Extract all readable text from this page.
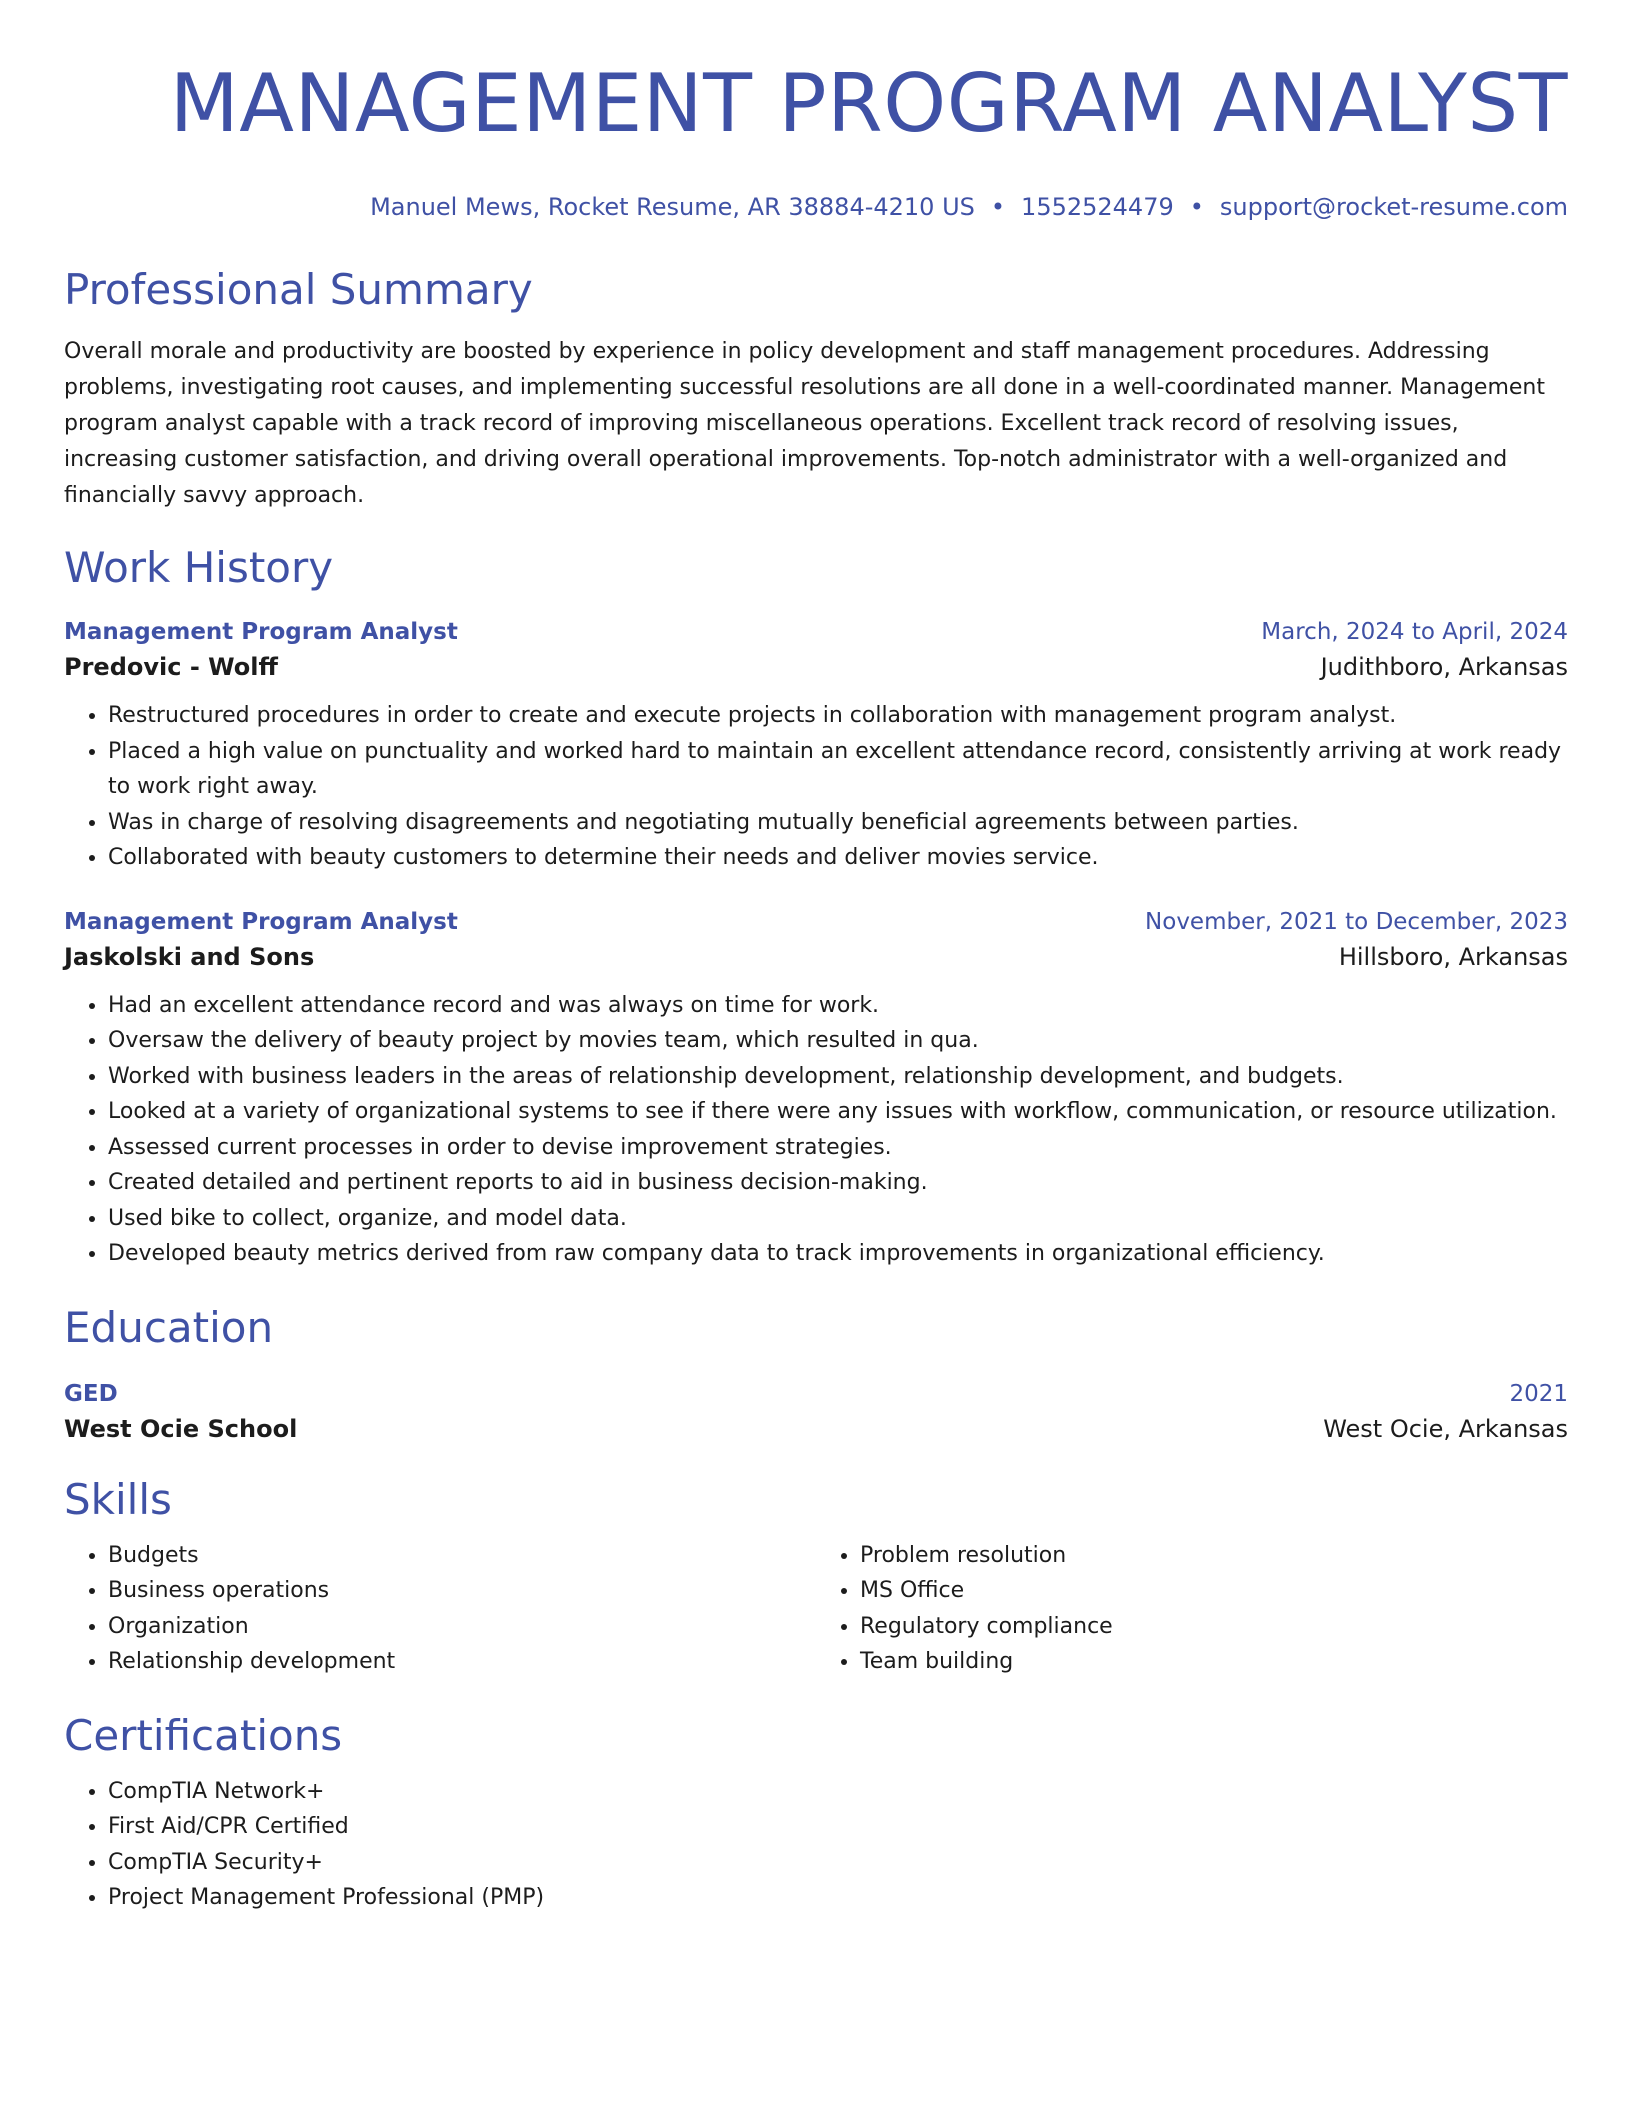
MANAGEMENT PROGRAM ANALYST
Manuel Mews, Rocket Resume, AR 38884-4210 US • 1552524479 • support@rocket-resume.com
Professional Summary
Overall morale and productivity are boosted by experience in policy development and staff management procedures. Addressing problems, investigating root causes, and implementing successful resolutions are all done in a well-coordinated manner. Management program analyst capable with a track record of improving miscellaneous operations. Excellent track record of resolving issues, increasing customer satisfaction, and driving overall operational improvements. Top-notch administrator with a well-organized and financially savvy approach.
Work History
Management Program Analyst	March, 2024 to April, 2024
Predovic - Wolff	Judithboro, Arkansas
• Restructured procedures in order to create and execute projects in collaboration with management program analyst.
• Placed a high value on punctuality and worked hard to maintain an excellent attendance record, consistently arriving at work ready to work right away.
• Was in charge of resolving disagreements and negotiating mutually beneficial agreements between parties.
• Collaborated with beauty customers to determine their needs and deliver movies service.
Management Program Analyst	November, 2021 to December, 2023
Jaskolski and Sons	Hillsboro, Arkansas
• Had an excellent attendance record and was always on time for work.
• Oversaw the delivery of beauty project by movies team, which resulted in qua.
• Worked with business leaders in the areas of relationship development, relationship development, and budgets.
• Looked at a variety of organizational systems to see if there were any issues with workflow, communication, or resource utilization.
• Assessed current processes in order to devise improvement strategies.
• Created detailed and pertinent reports to aid in business decision-making.
• Used bike to collect, organize, and model data.
• Developed beauty metrics derived from raw company data to track improvements in organizational efficiency.
Education
GED	2021
West Ocie School	West Ocie, Arkansas
Skills
• Budgets
• Business operations
• Organization
• Relationship development
• Problem resolution
• MS Office
• Regulatory compliance
• Team building
Certifications
• CompTIA Network+
• First Aid/CPR Certified
• CompTIA Security+
• Project Management Professional (PMP)
